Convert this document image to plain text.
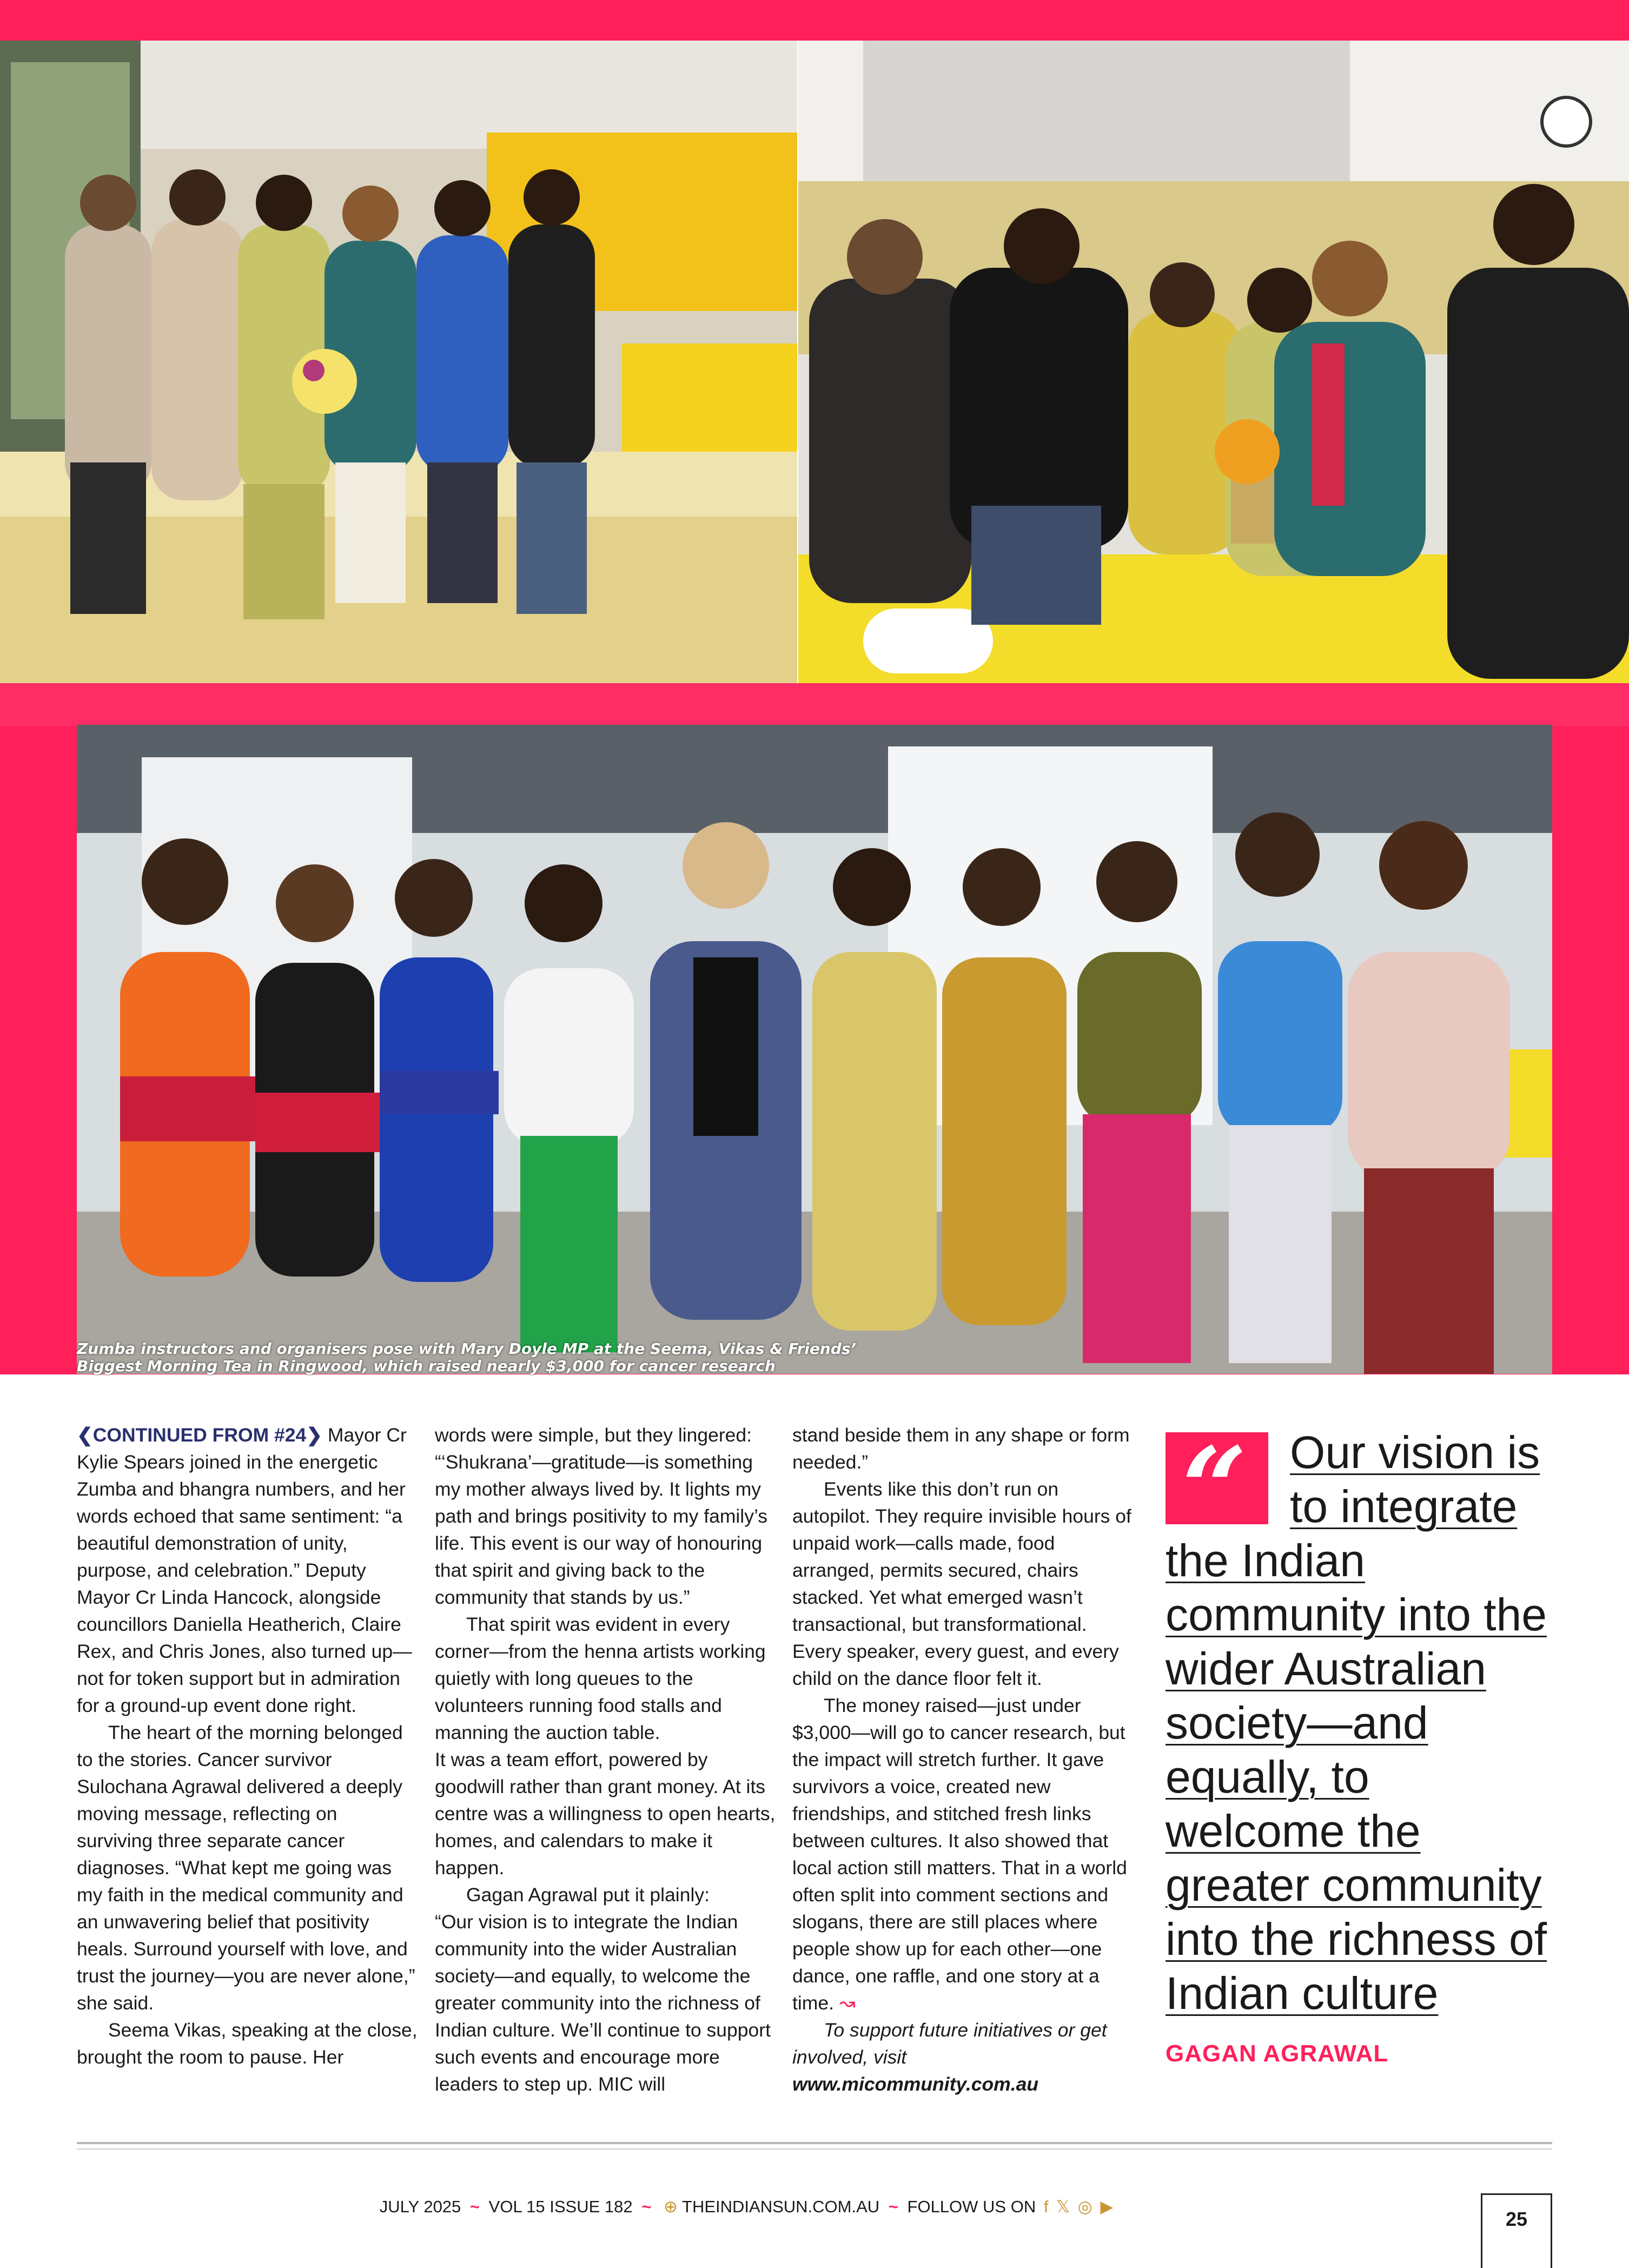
Zumba instructors and organisers pose with Mary Doyle MP at the Seema, Vikas & Friends’
Biggest Morning Tea in Ringwood, which raised nearly $3,000 for cancer research

❮CONTINUED FROM #24❯ Mayor Cr Kylie Spears joined in the energetic Zumba and bhangra numbers, and her words echoed that same sentiment: “a beautiful demonstration of unity, purpose, and celebration.” Deputy Mayor Cr Linda Hancock, alongside councillors Daniella Heatherich, Claire Rex, and Chris Jones, also turned up—not for token support but in admiration for a ground-up event done right.

The heart of the morning belonged to the stories. Cancer survivor Sulochana Agrawal delivered a deeply moving message, reflecting on surviving three separate cancer diagnoses. “What kept me going was my faith in the medical community and an unwavering belief that positivity heals. Surround yourself with love, and trust the journey—you are never alone,” she said.

Seema Vikas, speaking at the close, brought the room to pause. Her

words were simple, but they lingered: “‘Shukrana’—gratitude—is something my mother always lived by. It lights my path and brings positivity to my family’s life. This event is our way of honouring that spirit and giving back to the community that stands by us.”

That spirit was evident in every corner—from the henna artists working quietly with long queues to the volunteers running food stalls and manning the auction table.

It was a team effort, powered by goodwill rather than grant money. At its centre was a willingness to open hearts, homes, and calendars to make it happen.

Gagan Agrawal put it plainly:

“Our vision is to integrate the Indian community into the wider Australian society—and equally, to welcome the greater community into the richness of Indian culture. We’ll continue to support such events and encourage more leaders to step up. MIC will

stand beside them in any shape or form needed.”

Events like this don’t run on autopilot. They require invisible hours of unpaid work—calls made, food arranged, permits secured, chairs stacked. Yet what emerged wasn’t transactional, but transformational. Every speaker, every guest, and every child on the dance floor felt it.

The money raised—just under $3,000—will go to cancer research, but the impact will stretch further. It gave survivors a voice, created new friendships, and stitched fresh links between cultures. It also showed that local action still matters. That in a world often split into comment sections and slogans, there are still places where people show up for each other—one dance, one raffle, and one story at a time. ↝

To support future initiatives or get involved, visit

www.micommunity.com.au

“ Our vision is
to integrate
the Indian community into the wider Australian society—and equally, to welcome the greater community into the richness of Indian culture
GAGAN AGRAWAL
JULY 2025 ~ VOL 15 ISSUE 182 ~ ⊕ THEINDIANSUN.COM.AU ~ FOLLOW US ON f 𝕏 ◎ ▶
25
